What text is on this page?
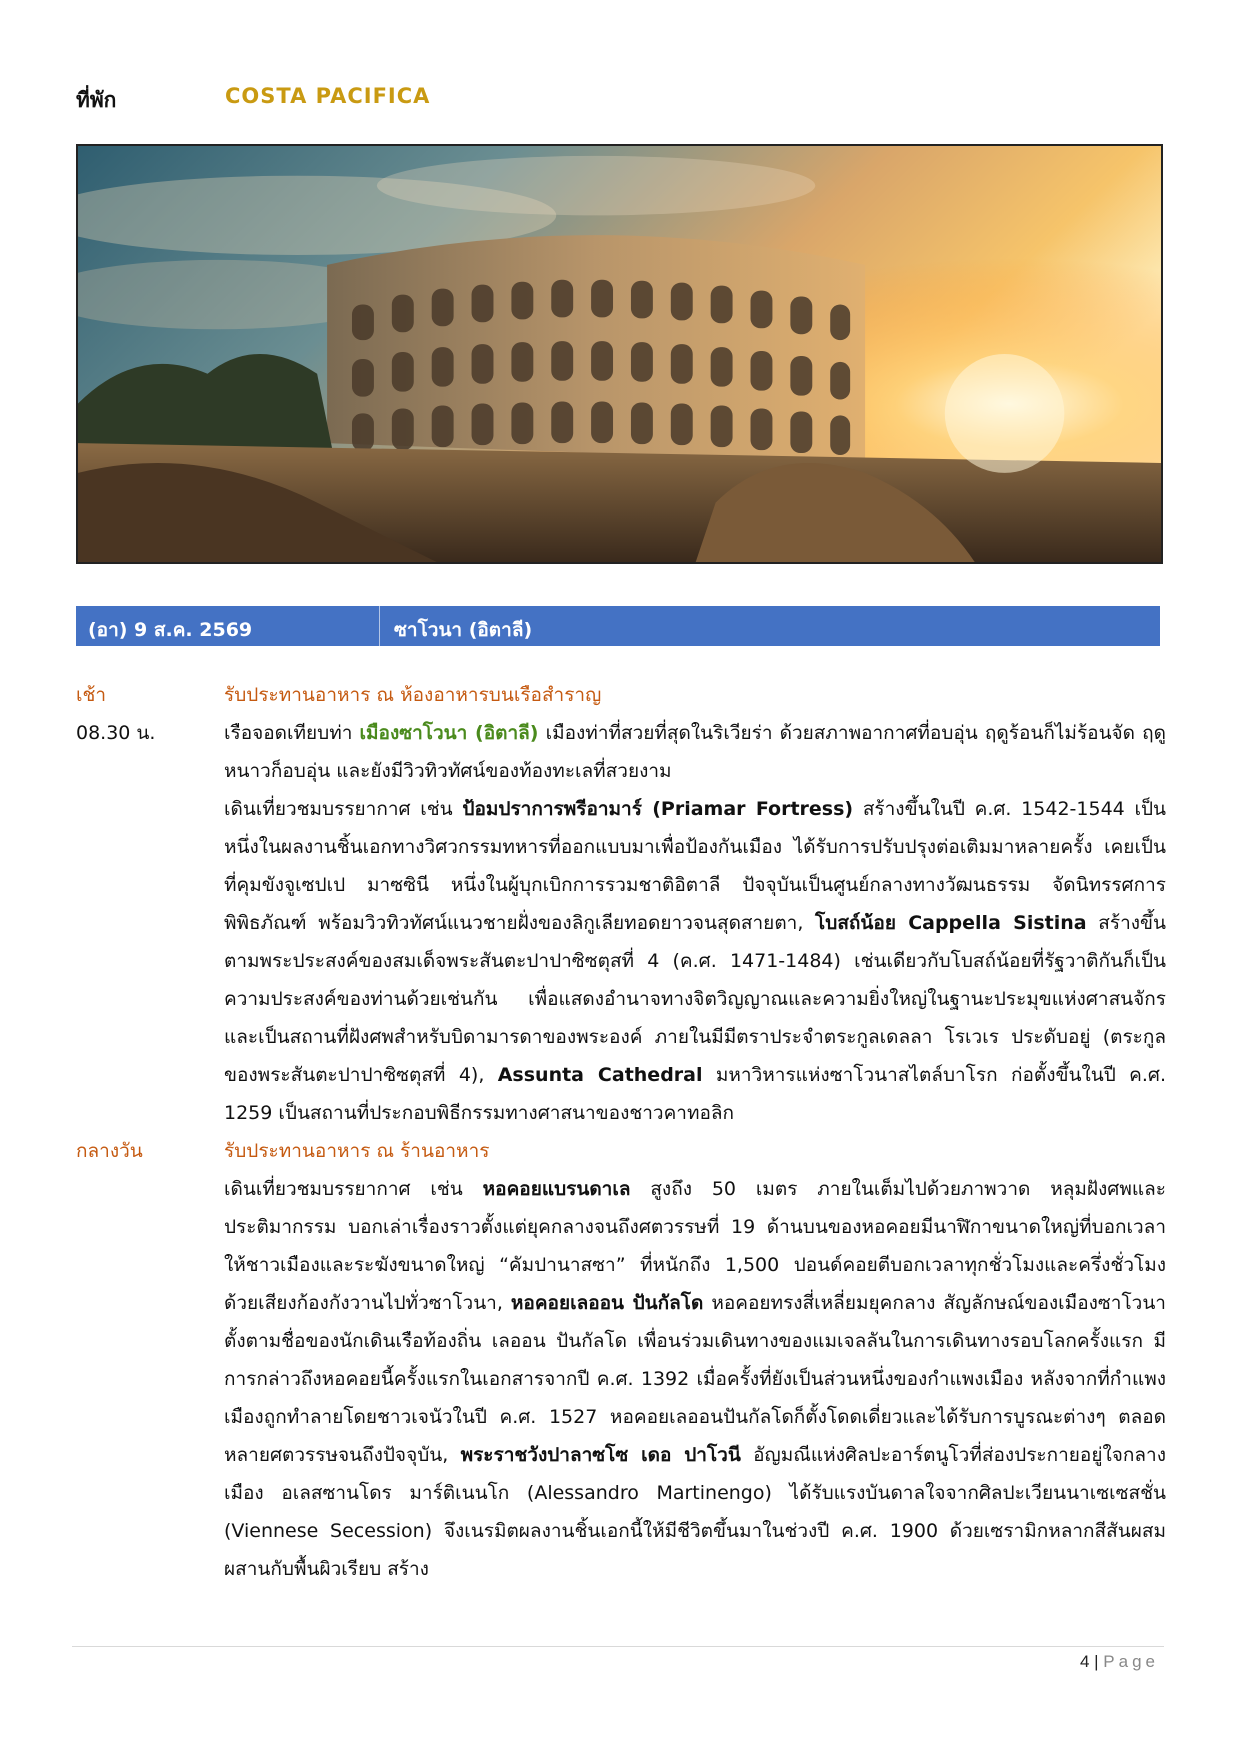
ที่พัก	COSTA PACIFICA
(อา) 9 ส.ค. 2569	ซาโวนา (อิตาลี)
เช้า	รับประทานอาหาร ณ ห้องอาหารบนเรือสำราญ
08.30 น.	เรือจอดเทียบท่า เมืองซาโวนา (อิตาลี) เมืองท่าที่สวยที่สุดในริเวียร่า ด้วยสภาพอากาศที่อบอุ่น ฤดูร้อนก็ไม่ร้อนจัด ฤดูหนาวก็อบอุ่น และยังมีวิวทิวทัศน์ของท้องทะเลที่สวยงาม
เดินเที่ยวชมบรรยากาศ เช่น ป้อมปราการพรีอามาร์ (Priamar Fortress) สร้างขึ้นในปี ค.ศ. 1542-1544 เป็นหนึ่งในผลงานชิ้นเอกทางวิศวกรรมทหารที่ออกแบบมาเพื่อป้องกันเมือง ได้รับการปรับปรุงต่อเติมมาหลายครั้ง เคยเป็นที่คุมขังจูเซปเป มาซซินี หนึ่งในผู้บุกเบิกการรวมชาติอิตาลี ปัจจุบันเป็นศูนย์กลางทางวัฒนธรรม จัดนิทรรศการ พิพิธภัณฑ์ พร้อมวิวทิวทัศน์แนวชายฝั่งของลิกูเลียทอดยาวจนสุดสายตา, โบสถ์น้อย Cappella Sistina สร้างขึ้นตามพระประสงค์ของสมเด็จพระสันตะปาปาซิซตุสที่ 4 (ค.ศ. 1471-1484) เช่นเดียวกับโบสถ์น้อยที่รัฐวาติกันก็เป็นความประสงค์ของท่านด้วยเช่นกัน เพื่อแสดงอำนาจทางจิตวิญญาณและความยิ่งใหญ่ในฐานะประมุขแห่งศาสนจักรและเป็นสถานที่ฝังศพสำหรับบิดามารดาของพระองค์ ภายในมีมีตราประจำตระกูลเดลลา โรเวเร ประดับอยู่ (ตระกูลของพระสันตะปาปาซิซตุสที่ 4), Assunta Cathedral มหาวิหารแห่งซาโวนาสไตล์บาโรก ก่อตั้งขึ้นในปี ค.ศ. 1259 เป็นสถานที่ประกอบพิธีกรรมทางศาสนาของชาวคาทอลิก
กลางวัน	รับประทานอาหาร ณ ร้านอาหาร
เดินเที่ยวชมบรรยากาศ เช่น หอคอยแบรนดาเล สูงถึง 50 เมตร ภายในเต็มไปด้วยภาพวาด หลุมฝังศพและประติมากรรม บอกเล่าเรื่องราวตั้งแต่ยุคกลางจนถึงศตวรรษที่ 19 ด้านบนของหอคอยมีนาฬิกาขนาดใหญ่ที่บอกเวลาให้ชาวเมืองและระฆังขนาดใหญ่ “คัมปานาสซา” ที่หนักถึง 1,500 ปอนด์คอยตีบอกเวลาทุกชั่วโมงและครึ่งชั่วโมงด้วยเสียงก้องกังวานไปทั่วซาโวนา, หอคอยเลออน ปันกัลโด หอคอยทรงสี่เหลี่ยมยุคกลาง สัญลักษณ์ของเมืองซาโวนา ตั้งตามชื่อของนักเดินเรือท้องถิ่น เลออน ปันกัลโด เพื่อนร่วมเดินทางของแมเจลลันในการเดินทางรอบโลกครั้งแรก มีการกล่าวถึงหอคอยนี้ครั้งแรกในเอกสารจากปี ค.ศ. 1392 เมื่อครั้งที่ยังเป็นส่วนหนึ่งของกำแพงเมือง หลังจากที่กำแพงเมืองถูกทำลายโดยชาวเจนัวในปี ค.ศ. 1527 หอคอยเลออนปันกัลโดก็ตั้งโดดเดี่ยวและได้รับการบูรณะต่างๆ ตลอดหลายศตวรรษจนถึงปัจจุบัน, พระราชวังปาลาซโซ เดอ ปาโวนี อัญมณีแห่งศิลปะอาร์ตนูโวที่ส่องประกายอยู่ใจกลางเมือง อเลสซานโดร มาร์ติเนนโก (Alessandro Martinengo) ได้รับแรงบันดาลใจจากศิลปะเวียนนาเซเซสชั่น (Viennese Secession) จึงเนรมิตผลงานชิ้นเอกนี้ให้มีชีวิตขึ้นมาในช่วงปี ค.ศ. 1900 ด้วยเซรามิกหลากสีสันผสมผสานกับพื้นผิวเรียบ สร้าง
4 | Page
